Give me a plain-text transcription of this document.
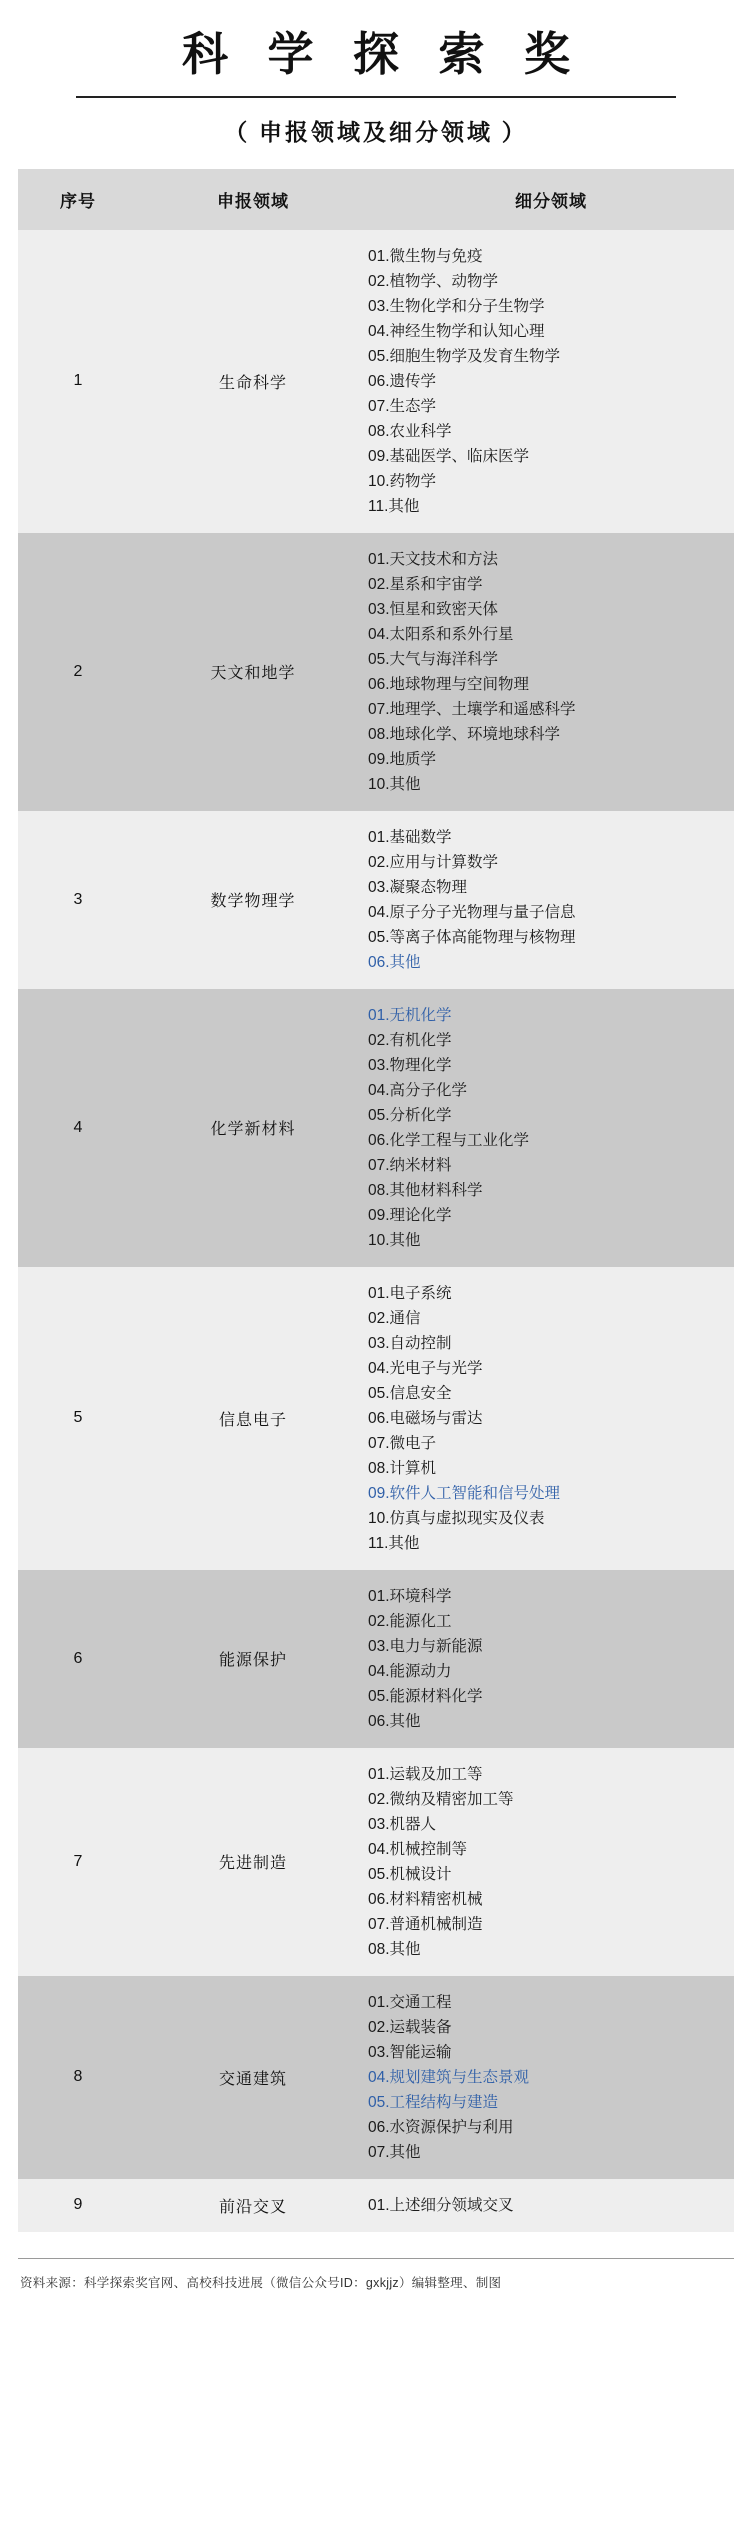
科 学 探 索 奖
（ 申报领域及细分领域 ）
序号	申报领域	细分领域
1	生命科学	
01.微生物与免疫
02.植物学、动物学
03.生物化学和分子生物学
04.神经生物学和认知心理
05.细胞生物学及发育生物学
06.遗传学
07.生态学
08.农业科学
09.基础医学、临床医学
10.药物学
11.其他

2	天文和地学	
01.天文技术和方法
02.星系和宇宙学
03.恒星和致密天体
04.太阳系和系外行星
05.大气与海洋科学
06.地球物理与空间物理
07.地理学、土壤学和遥感科学
08.地球化学、环境地球科学
09.地质学
10.其他

3	数学物理学	
01.基础数学
02.应用与计算数学
03.凝聚态物理
04.原子分子光物理与量子信息
05.等离子体高能物理与核物理
06.其他

4	化学新材料	
01.无机化学
02.有机化学
03.物理化学
04.高分子化学
05.分析化学
06.化学工程与工业化学
07.纳米材料
08.其他材料科学
09.理论化学
10.其他

5	信息电子	
01.电子系统
02.通信
03.自动控制
04.光电子与光学
05.信息安全
06.电磁场与雷达
07.微电子
08.计算机
09.软件人工智能和信号处理
10.仿真与虚拟现实及仪表
11.其他

6	能源保护	
01.环境科学
02.能源化工
03.电力与新能源
04.能源动力
05.能源材料化学
06.其他

7	先进制造	
01.运载及加工等
02.微纳及精密加工等
03.机器人
04.机械控制等
05.机械设计
06.材料精密机械
07.普通机械制造
08.其他

8	交通建筑	
01.交通工程
02.运载装备
03.智能运输
04.规划建筑与生态景观
05.工程结构与建造
06.水资源保护与利用
07.其他

9	前沿交叉	01.上述细分领域交叉
资料来源：科学探索奖官网、高校科技进展（微信公众号ID：gxkjjz）编辑整理、制图
